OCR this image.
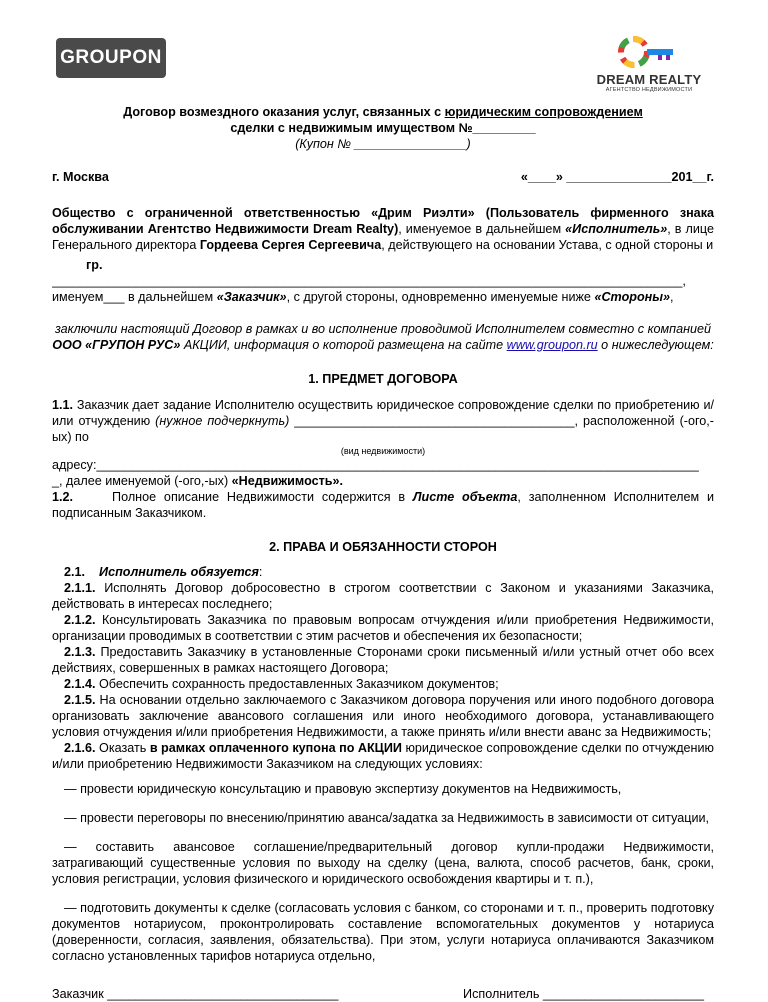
GROUPON
DREAM REALTY
АГЕНТСТВО НЕДВИЖИМОСТИ

Договор возмездного оказания услуг, связанных с юридическим сопровождением

сделки с недвижимым имуществом №_________

(Купон № ________________)

г. Москва	«____» _______________201__г.

Общество с ограниченной ответственностью «Дрим Риэлти» (Пользователь фирменного знака обслуживании Агентство Недвижимости Dream Realty), именуемое в дальнейшем «Исполнитель», в лице Генерального директора Гордеева Сергея Сергеевича, действующего на основании Устава, с одной стороны и

гр.

__________________________________________________________________________________________,

именуем___ в дальнейшем «Заказчик», с другой стороны, одновременно именуемые ниже «Стороны»,

заключили настоящий Договор в рамках и во исполнение проводимой Исполнителем совместно с компанией ООО «ГРУПОН РУС» АКЦИИ, информация о которой размещена на сайте www.groupon.ru о нижеследующем:

1. ПРЕДМЕТ ДОГОВОРА

1.1. Заказчик дает задание Исполнителю осуществить юридическое сопровождение сделки по приобретению и/или отчуждению (нужное подчеркнуть) ________________________________________, расположенной (-ого,-ых) по

(вид недвижимости)

адресу:______________________________________________________________________________________

_, далее именуемой (-ого,-ых) «Недвижимость».

1.2.     Полное описание Недвижимости содержится в Листе объекта, заполненном Исполнителем и подписанным Заказчиком.

2. ПРАВА И ОБЯЗАННОСТИ СТОРОН

2.1. Исполнитель обязуется:

2.1.1. Исполнять Договор добросовестно в строгом соответствии с Законом и указаниями Заказчика, действовать в интересах последнего;

2.1.2. Консультировать Заказчика по правовым вопросам отчуждения и/или приобретения Недвижимости, организации проводимых в соответствии с этим расчетов и обеспечения их безопасности;

2.1.3. Предоставить Заказчику в установленные Сторонами сроки письменный и/или устный отчет обо всех действиях, совершенных в рамках настоящего Договора;

2.1.4. Обеспечить сохранность предоставленных Заказчиком документов;

2.1.5. На основании отдельно заключаемого с Заказчиком договора поручения или иного подобного договора организовать заключение авансового соглашения или иного необходимого договора, устанавливающего условия отчуждения и/или приобретения Недвижимости, а также принять и/или внести аванс за Недвижимость;

2.1.6. Оказать в рамках оплаченного купона по АКЦИИ юридическое сопровождение сделки по отчуждению и/или приобретению Недвижимости Заказчиком на следующих условиях:

— провести юридическую консультацию и правовую экспертизу документов на Недвижимость,

— провести переговоры по внесению/принятию аванса/задатка за Недвижимость в зависимости от ситуации,

— составить авансовое соглашение/предварительный договор купли-продажи Недвижимости, затрагивающий существенные условия по выходу на сделку (цена, валюта, способ расчетов, банк, сроки, условия регистрации, условия физического и юридического освобождения квартиры и т. п.),

— подготовить документы к сделке (согласовать условия с банком, со сторонами и т. п., проверить подготовку документов нотариусом, проконтролировать составление вспомогательных документов у нотариуса (доверенности, согласия, заявления, обязательства). При этом, услуги нотариуса оплачиваются Заказчиком согласно установленных тарифов нотариуса отдельно,

Заказчик _________________________________	Исполнитель _______________________
